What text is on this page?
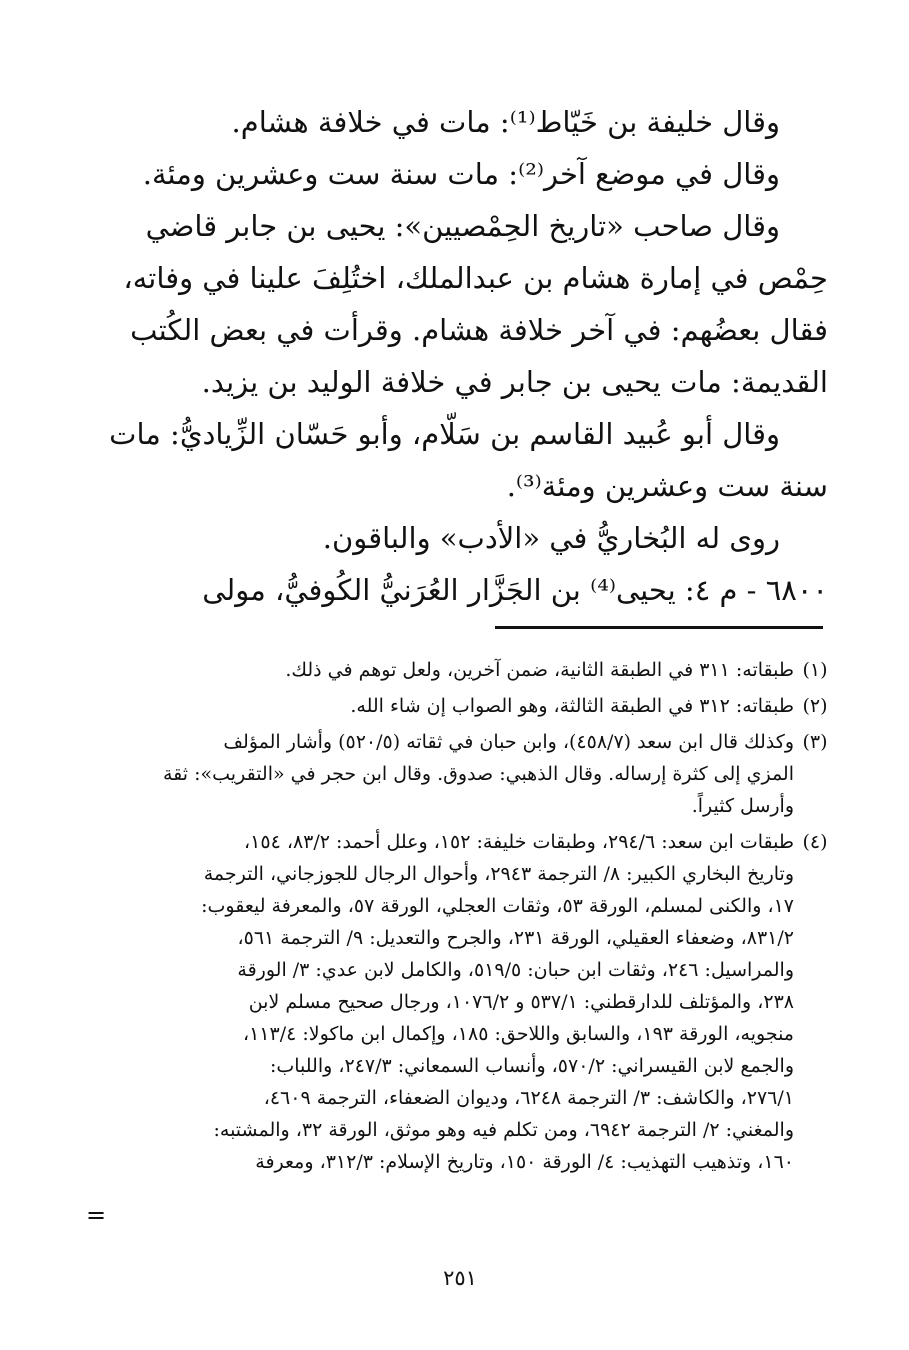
وقال خليفة بن خَيّاط⁽¹⁾: مات في خلافة هشام.

وقال في موضع آخر⁽²⁾: مات سنة ست وعشرين ومئة.

وقال صاحب «تاريخ الحِمْصيين»: يحيى بن جابر قاضي

حِمْص في إمارة هشام بن عبدالملك، اختُلِفَ علينا في وفاته،

فقال بعضُهم: في آخر خلافة هشام. وقرأت في بعض الكُتب

القديمة: مات يحيى بن جابر في خلافة الوليد بن يزيد.

وقال أبو عُبيد القاسم بن سَلّام، وأبو حَسّان الزِّياديُّ: مات

سنة ست وعشرين ومئة⁽³⁾.

روى له البُخاريُّ في «الأدب» والباقون.

٦٨٠٠ - م ٤: يحيى⁽⁴⁾ بن الجَزَّار العُرَنيُّ الكُوفيُّ، مولى

(١)
طبقاته: ٣١١ في الطبقة الثانية، ضمن آخرين، ولعل توهم في ذلك.
(٢)
طبقاته: ٣١٢ في الطبقة الثالثة، وهو الصواب إن شاء الله.
(٣)
وكذلك قال ابن سعد (٤٥٨/٧)، وابن حبان في ثقاته (٥٢٠/٥) وأشار المؤلف
المزي إلى كثرة إرساله. وقال الذهبي: صدوق. وقال ابن حجر في «التقريب»: ثقة
وأرسل كثيراً.
(٤)
طبقات ابن سعد: ٢٩٤/٦، وطبقات خليفة: ١٥٢، وعلل أحمد: ٨٣/٢، ١٥٤،
وتاريخ البخاري الكبير: ٨/ الترجمة ٢٩٤٣، وأحوال الرجال للجوزجاني، الترجمة
١٧، والكنى لمسلم، الورقة ٥٣، وثقات العجلي، الورقة ٥٧، والمعرفة ليعقوب:
٨٣١/٢، وضعفاء العقيلي، الورقة ٢٣١، والجرح والتعديل: ٩/ الترجمة ٥٦١،
والمراسيل: ٢٤٦، وثقات ابن حبان: ٥١٩/٥، والكامل لابن عدي: ٣/ الورقة
٢٣٨، والمؤتلف للدارقطني: ٥٣٧/١ و ١٠٧٦/٢، ورجال صحيح مسلم لابن
منجويه، الورقة ١٩٣، والسابق واللاحق: ١٨٥، وإكمال ابن ماكولا: ١١٣/٤،
والجمع لابن القيسراني: ٥٧٠/٢، وأنساب السمعاني: ٢٤٧/٣، واللباب:
٢٧٦/١، والكاشف: ٣/ الترجمة ٦٢٤٨، وديوان الضعفاء، الترجمة ٤٦٠٩،
والمغني: ٢/ الترجمة ٦٩٤٢، ومن تكلم فيه وهو موثق، الورقة ٣٢، والمشتبه:
١٦٠، وتذهيب التهذيب: ٤/ الورقة ١٥٠، وتاريخ الإسلام: ٣١٢/٣، ومعرفة
=
٢٥١
